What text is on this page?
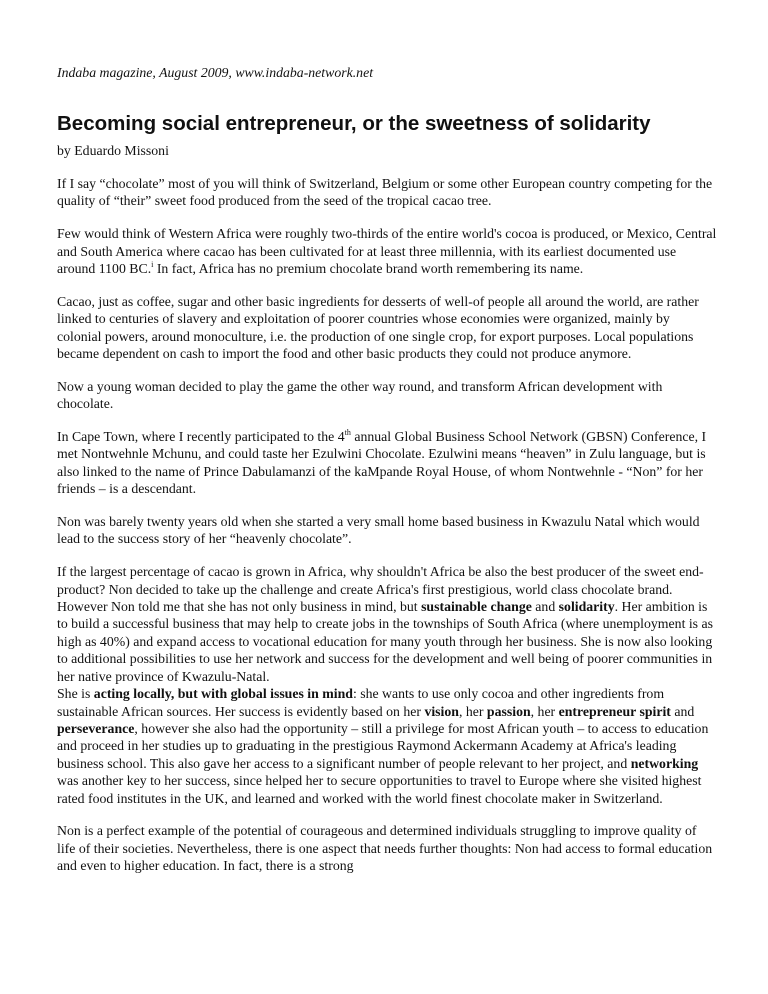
Indaba magazine, August 2009, www.indaba-network.net
Becoming social entrepreneur, or the sweetness of solidarity
by Eduardo Missoni

If I say “chocolate” most of you will think of Switzerland, Belgium or some other European country competing for the quality of “their” sweet food produced from the seed of the tropical cacao tree.

Few would think of Western Africa were roughly two-thirds of the entire world's cocoa is produced, or Mexico, Central and South America where cacao has been cultivated for at least three millennia, with its earliest documented use around 1100 BC.$^i$ In fact, Africa has no premium chocolate brand worth remembering its name.

Cacao, just as coffee, sugar and other basic ingredients for desserts of well-of people all around the world, are rather linked to centuries of slavery and exploitation of poorer countries whose economies were organized, mainly by colonial powers, around monoculture, i.e. the production of one single crop, for export purposes. Local populations became dependent on cash to import the food and other basic products they could not produce anymore.

Now a young woman decided to play the game the other way round, and transform African development with chocolate.

In Cape Town, where I recently participated to the 4th annual Global Business School Network (GBSN) Conference, I met Nontwehnle Mchunu, and could taste her Ezulwini Chocolate. Ezulwini means “heaven” in Zulu language, but is also linked to the name of Prince Dabulamanzi of the kaMpande Royal House, of whom Nontwehnle - “Non” for her friends – is a descendant.

Non was barely twenty years old when she started a very small home based business in Kwazulu Natal which would lead to the success story of her “heavenly chocolate”.

If the largest percentage of cacao is grown in Africa, why shouldn't Africa be also the best producer of the sweet end-product? Non decided to take up the challenge and create Africa's first prestigious, world class chocolate brand. However Non told me that she has not only business in mind, but sustainable change and solidarity. Her ambition is to build a successful business that may help to create jobs in the townships of South Africa (where unemployment is as high as 40%) and expand access to vocational education for many youth through her business. She is now also looking to additional possibilities to use her network and success for the development and well being of poorer communities in her native province of Kwazulu-Natal.

She is acting locally, but with global issues in mind: she wants to use only cocoa and other ingredients from sustainable African sources. Her success is evidently based on her vision, her passion, her entrepreneur spirit and perseverance, however she also had the opportunity – still a privilege for most African youth – to access to education and proceed in her studies up to graduating in the prestigious Raymond Ackermann Academy at Africa's leading business school. This also gave her access to a significant number of people relevant to her project, and networking was another key to her success, since helped her to secure opportunities to travel to Europe where she visited highest rated food institutes in the UK, and learned and worked with the world finest chocolate maker in Switzerland.

Non is a perfect example of the potential of courageous and determined individuals struggling to improve quality of life of their societies. Nevertheless, there is one aspect that needs further thoughts: Non had access to formal education and even to higher education. In fact, there is a strong
